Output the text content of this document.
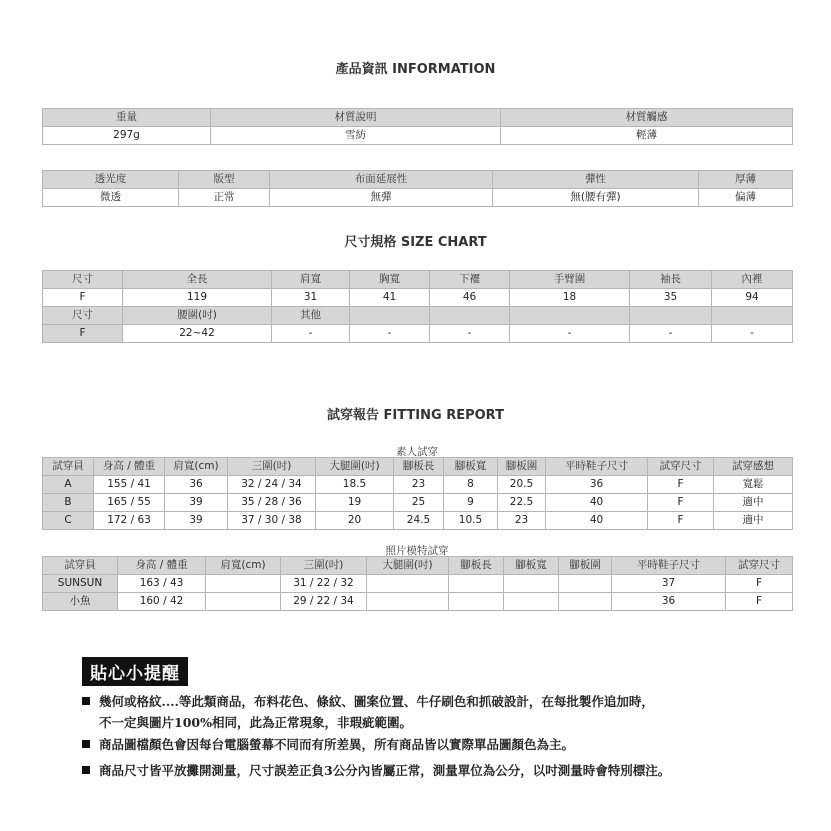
產品資訊 INFORMATION
重量	材質說明	材質觸感
297g	雪紡	輕薄
透光度	版型	布面延展性	彈性	厚薄
微透	正常	無彈	無(腰有彈)	偏薄
尺寸規格 SIZE CHART
尺寸	全長	肩寬	胸寬	下襬	手臂圍	袖長	內裡
F	119	31	41	46	18	35	94
尺寸	腰圍(吋)	其他					
F	22~42	-	-	-	-	-	-
試穿報告 FITTING REPORT
素人試穿
試穿員	身高 / 體重	肩寬(cm)	三圍(吋)	大腿圍(吋)	腳板長	腳板寬	腳板圍	平時鞋子尺寸	試穿尺寸	試穿感想
A	155 / 41	36	32 / 24 / 34	18.5	23	8	20.5	36	F	寬鬆
B	165 / 55	39	35 / 28 / 36	19	25	9	22.5	40	F	適中
C	172 / 63	39	37 / 30 / 38	20	24.5	10.5	23	40	F	適中
照片模特試穿
試穿員	身高 / 體重	肩寬(cm)	三圍(吋)	大腿圍(吋)	腳板長	腳板寬	腳板圍	平時鞋子尺寸	試穿尺寸
SUNSUN	163 / 43		31 / 22 / 32					37	F
小魚	160 / 42		29 / 22 / 34					36	F
貼心小提醒
幾何或格紋....等此類商品，布料花色、條紋、圖案位置、牛仔刷色和抓破設計，在每批製作追加時，
不一定與圖片100%相同，此為正常現象，非瑕疵範圍。
商品圖檔顏色會因每台電腦螢幕不同而有所差異，所有商品皆以實際單品圖顏色為主。
商品尺寸皆平放攤開測量，尺寸誤差正負3公分內皆屬正常，測量單位為公分，以吋測量時會特別標注。
